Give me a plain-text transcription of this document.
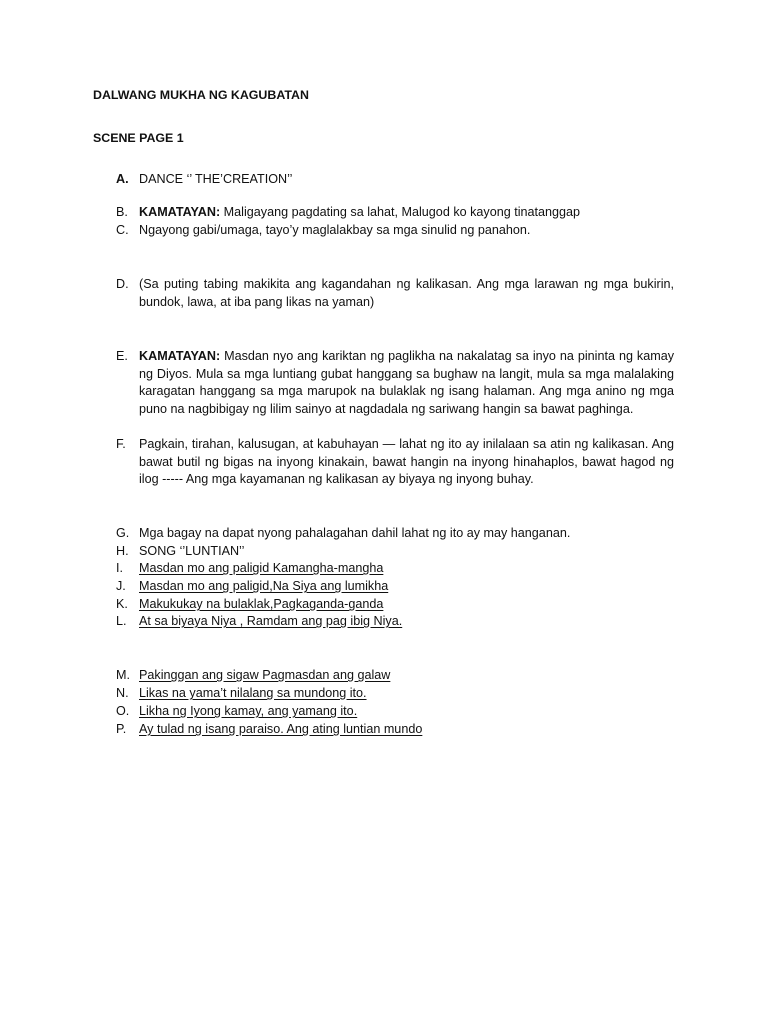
DALWANG MUKHA NG KAGUBATAN
SCENE PAGE 1
A. DANCE ‘’ THE’CREATION’’
B. KAMATAYAN: Maligayang pagdating sa lahat, Malugod ko kayong tinatanggap
C. Ngayong gabi/umaga, tayo’y maglalakbay sa mga sinulid ng panahon.
D. (Sa puting tabing makikita ang kagandahan ng kalikasan. Ang mga larawan ng mga bukirin, bundok, lawa, at iba pang likas na yaman)
E. KAMATAYAN: Masdan nyo ang kariktan ng paglikha na nakalatag sa inyo na pininta ng kamay ng Diyos. Mula sa mga luntiang gubat hanggang sa bughaw na langit, mula sa mga malalaking karagatan hanggang sa mga marupok na bulaklak ng isang halaman. Ang mga anino ng mga puno na nagbibigay ng lilim sainyo at nagdadala ng sariwang hangin sa bawat paghinga.
F.	Pagkain, tirahan, kalusugan, at kabuhayan — lahat ng ito ay inilalaan sa atin ng kalikasan. Ang bawat butil ng bigas na inyong kinakain, bawat hangin na inyong hinahaplos, bawat hagod ng ilog ----- Ang mga kayamanan ng kalikasan ay biyaya ng inyong buhay.
G. Mga bagay na dapat nyong pahalagahan dahil lahat ng ito ay may hanganan.
H. SONG ‘’LUNTIAN’’
I.	Masdan mo ang paligid Kamangha-mangha
J.	Masdan mo ang paligid,Na Siya ang lumikha
K. Makukukay na bulaklak,Pagkaganda-ganda
L. At sa biyaya Niya , Ramdam ang pag ibig Niya.
M. Pakinggan ang sigaw Pagmasdan ang galaw
N. Likas na yama’t nilalang sa mundong ito.
O. Likha ng Iyong kamay, ang yamang ito.
P.	Ay tulad ng isang paraiso. Ang ating luntian mundo
